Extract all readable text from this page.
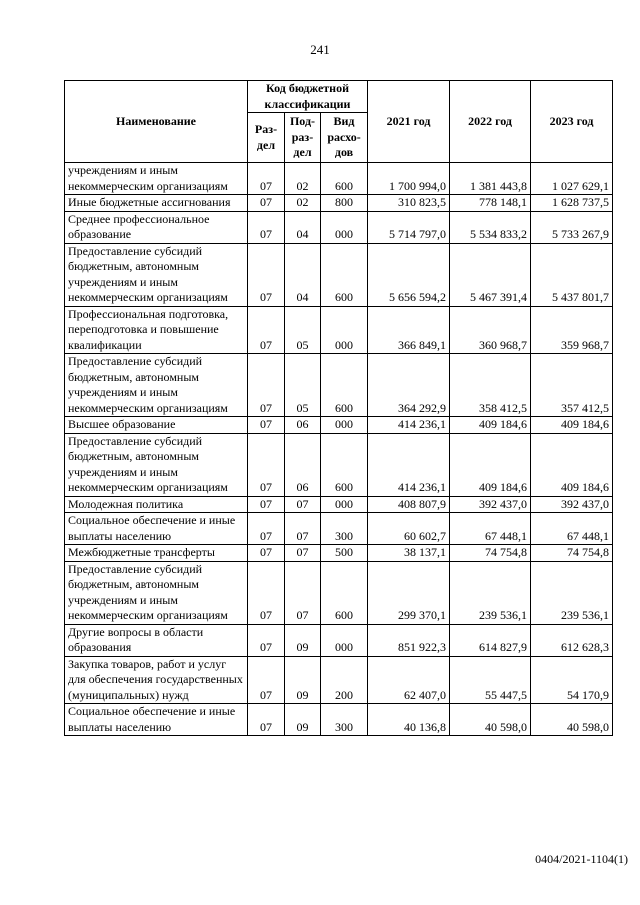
241
Наименование	Код бюджетной классификации			2021 год	2022 год	2023 год
	Раз-дел	Под-раз-дел	Вид расхо-дов			
учреждениям и иным некоммерческим организациям	07	02	600	1 700 994,0	1 381 443,8	1 027 629,1
Иные бюджетные ассигнования	07	02	800	310 823,5	778 148,1	1 628 737,5
Среднее профессиональное образование	07	04	000	5 714 797,0	5 534 833,2	5 733 267,9
Предоставление субсидий бюджетным, автономным учреждениям и иным некоммерческим организациям	07	04	600	5 656 594,2	5 467 391,4	5 437 801,7
Профессиональная подготовка, переподготовка и повышение квалификации	07	05	000	366 849,1	360 968,7	359 968,7
Предоставление субсидий бюджетным, автономным учреждениям и иным некоммерческим организациям	07	05	600	364 292,9	358 412,5	357 412,5
Высшее образование	07	06	000	414 236,1	409 184,6	409 184,6
Предоставление субсидий бюджетным, автономным учреждениям и иным некоммерческим организациям	07	06	600	414 236,1	409 184,6	409 184,6
Молодежная политика	07	07	000	408 807,9	392 437,0	392 437,0
Социальное обеспечение и иные выплаты населению	07	07	300	60 602,7	67 448,1	67 448,1
Межбюджетные трансферты	07	07	500	38 137,1	74 754,8	74 754,8
Предоставление субсидий бюджетным, автономным учреждениям и иным некоммерческим организациям	07	07	600	299 370,1	239 536,1	239 536,1
Другие вопросы в области образования	07	09	000	851 922,3	614 827,9	612 628,3
Закупка товаров, работ и услуг для обеспечения государственных (муниципальных) нужд	07	09	200	62 407,0	55 447,5	54 170,9
Социальное обеспечение и иные выплаты населению	07	09	300	40 136,8	40 598,0	40 598,0
0404/2021-1104(1)
